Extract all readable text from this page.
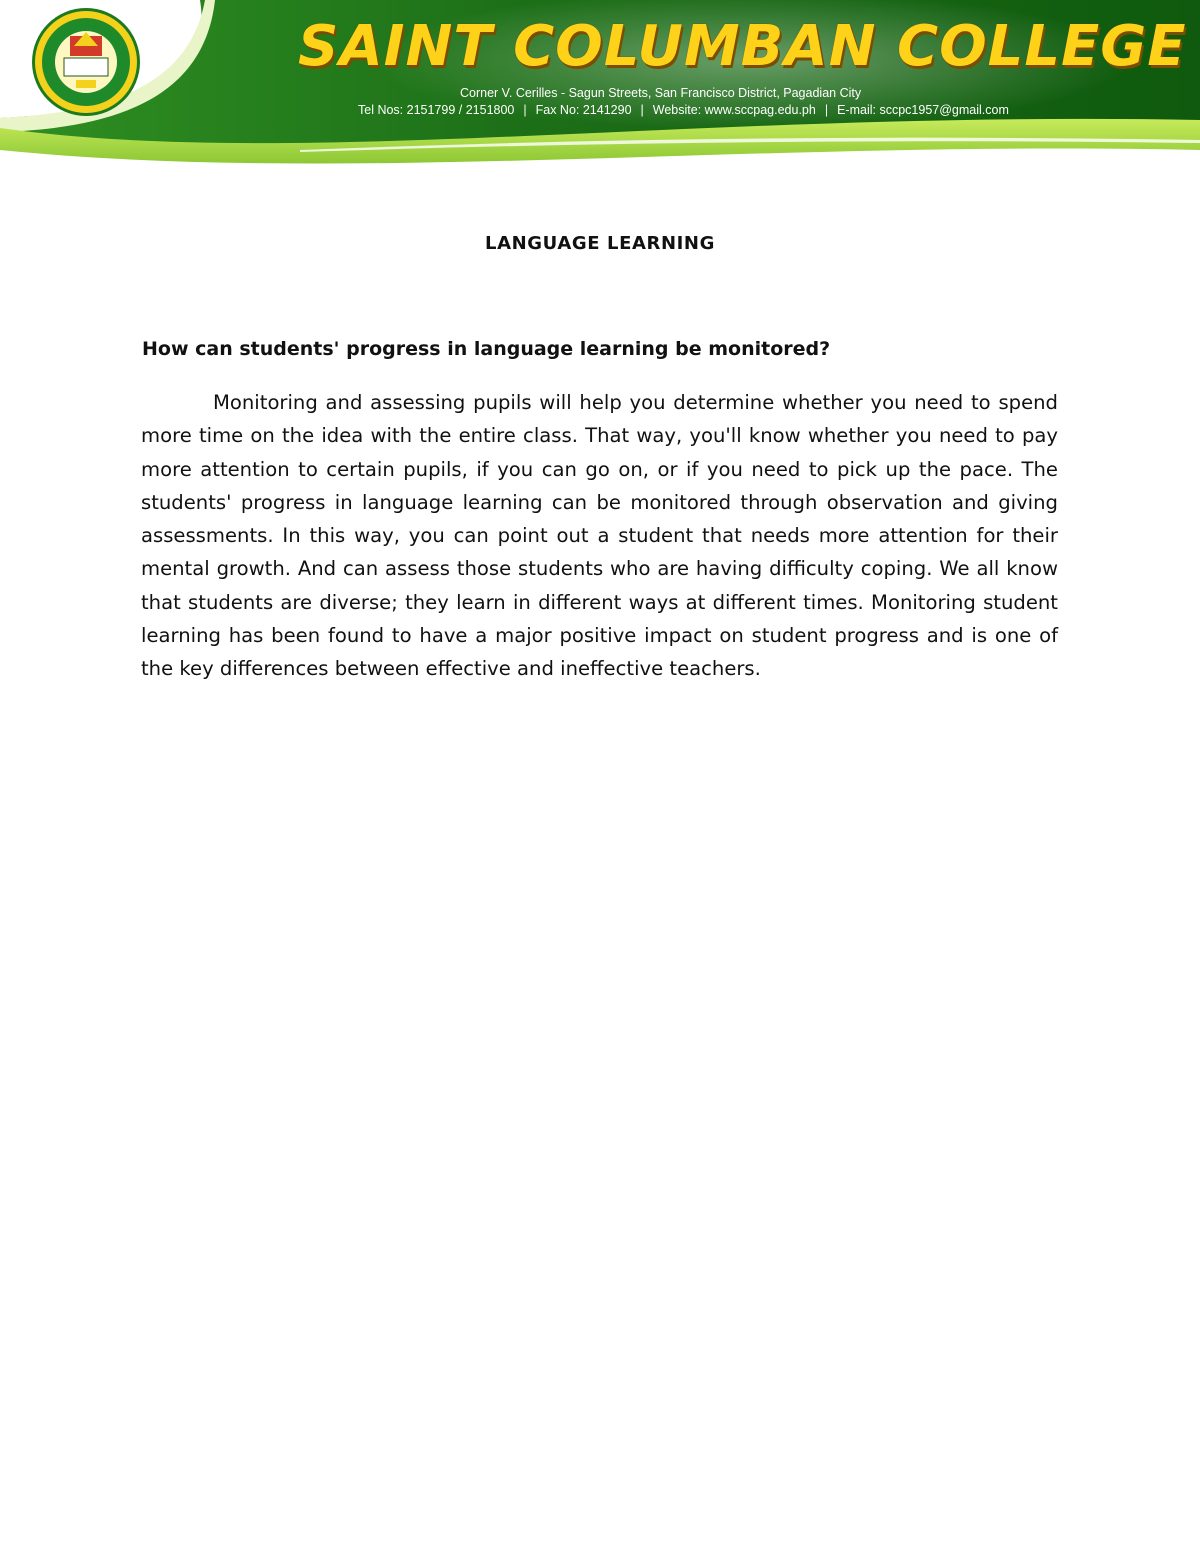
SAINT COLUMBAN COLLEGE
Corner V. Cerilles - Sagun Streets, San Francisco District, Pagadian City
Tel Nos: 2151799 / 2151800 | Fax No: 2141290 | Website: www.sccpag.edu.ph | E-mail: sccpc1957@gmail.com
LANGUAGE LEARNING
How can students' progress in language learning be monitored?

Monitoring and assessing pupils will help you determine whether you need to spend more time on the idea with the entire class. That way, you'll know whether you need to pay more attention to certain pupils, if you can go on, or if you need to pick up the pace. The students' progress in language learning can be monitored through observation and giving assessments. In this way, you can point out a student that needs more attention for their mental growth. And can assess those students who are having difficulty coping. We all know that students are diverse; they learn in different ways at different times. Monitoring student learning has been found to have a major positive impact on student progress and is one of the key differences between effective and ineffective teachers.
